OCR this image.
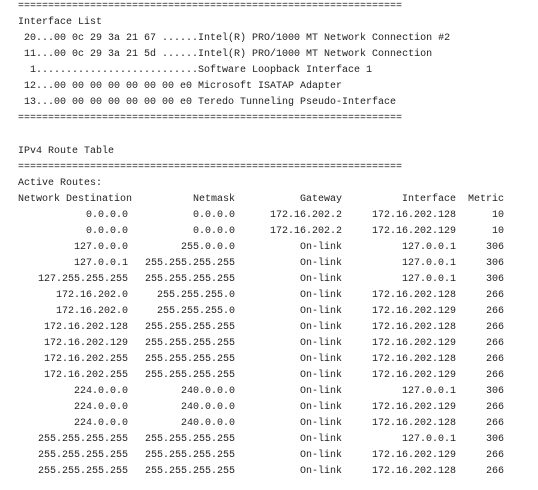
================================================================
Interface List
20...00 0c 29 3a 21 67 ......Intel(R) PRO/1000 MT Network Connection #2
11...00 0c 29 3a 21 5d ......Intel(R) PRO/1000 MT Network Connection
1...........................Software Loopback Interface 1
12...00 00 00 00 00 00 00 e0 Microsoft ISATAP Adapter
13...00 00 00 00 00 00 00 e0 Teredo Tunneling Pseudo-Interface
================================================================
IPv4 Route Table
================================================================
Active Routes:
Network Destination	Netmask	Gateway	Interface	Metric
0.0.0.0	0.0.0.0	172.16.202.2	172.16.202.128	10
0.0.0.0	0.0.0.0	172.16.202.2	172.16.202.129	10
127.0.0.0	255.0.0.0	On-link	127.0.0.1	306
127.0.0.1	255.255.255.255	On-link	127.0.0.1	306
127.255.255.255	255.255.255.255	On-link	127.0.0.1	306
172.16.202.0	255.255.255.0	On-link	172.16.202.128	266
172.16.202.0	255.255.255.0	On-link	172.16.202.129	266
172.16.202.128	255.255.255.255	On-link	172.16.202.128	266
172.16.202.129	255.255.255.255	On-link	172.16.202.129	266
172.16.202.255	255.255.255.255	On-link	172.16.202.128	266
172.16.202.255	255.255.255.255	On-link	172.16.202.129	266
224.0.0.0	240.0.0.0	On-link	127.0.0.1	306
224.0.0.0	240.0.0.0	On-link	172.16.202.129	266
224.0.0.0	240.0.0.0	On-link	172.16.202.128	266
255.255.255.255	255.255.255.255	On-link	127.0.0.1	306
255.255.255.255	255.255.255.255	On-link	172.16.202.129	266
255.255.255.255	255.255.255.255	On-link	172.16.202.128	266
